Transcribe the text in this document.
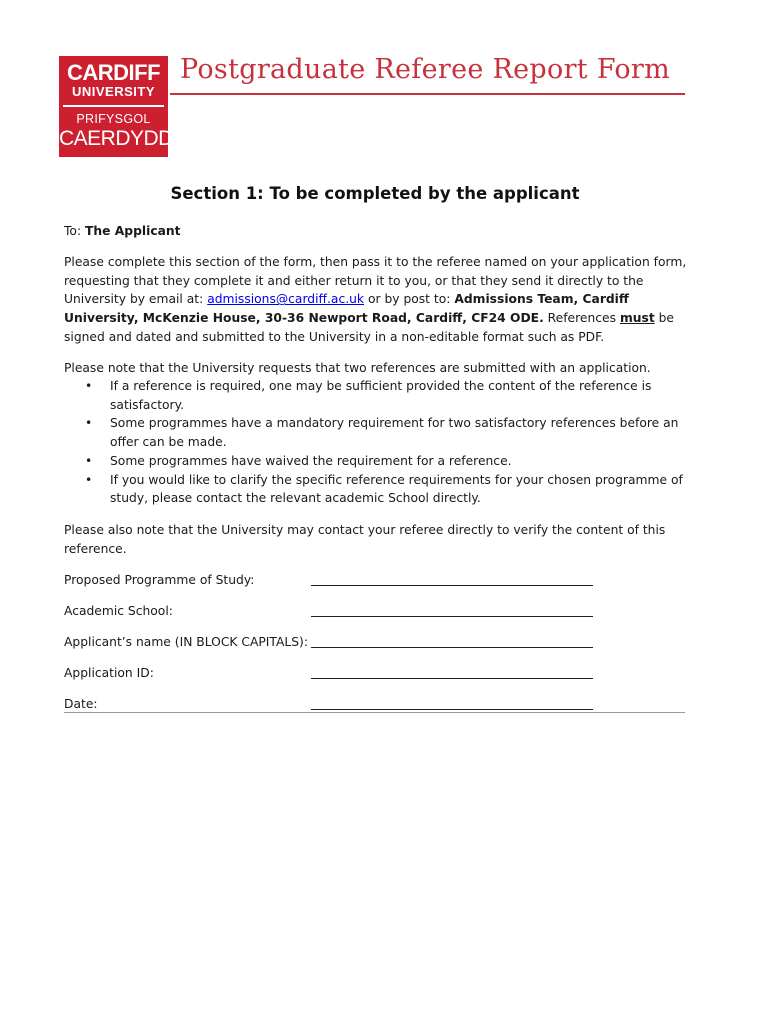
CARDIFF
UNIVERSITY
PRIFYSGOL
CAERDYDD
Postgraduate Referee Report Form
Section 1: To be completed by the applicant
To: The Applicant
Please complete this section of the form, then pass it to the referee named on your application form, requesting that they complete it and either return it to you, or that they send it directly to the University by email at: admissions@cardiff.ac.uk or by post to: Admissions Team, Cardiff University, McKenzie House, 30-36 Newport Road, Cardiff, CF24 ODE. References must be signed and dated and submitted to the University in a non-editable format such as PDF.
Please note that the University requests that two references are submitted with an application.
• If a reference is required, one may be sufficient provided the content of the reference is satisfactory.
• Some programmes have a mandatory requirement for two satisfactory references before an offer can be made.
• Some programmes have waived the requirement for a reference.
• If you would like to clarify the specific reference requirements for your chosen programme of study, please contact the relevant academic School directly.
Please also note that the University may contact your referee directly to verify the content of this reference.
Proposed Programme of Study:
Academic School:
Applicant’s name (IN BLOCK CAPITALS):
Application ID:
Date:
